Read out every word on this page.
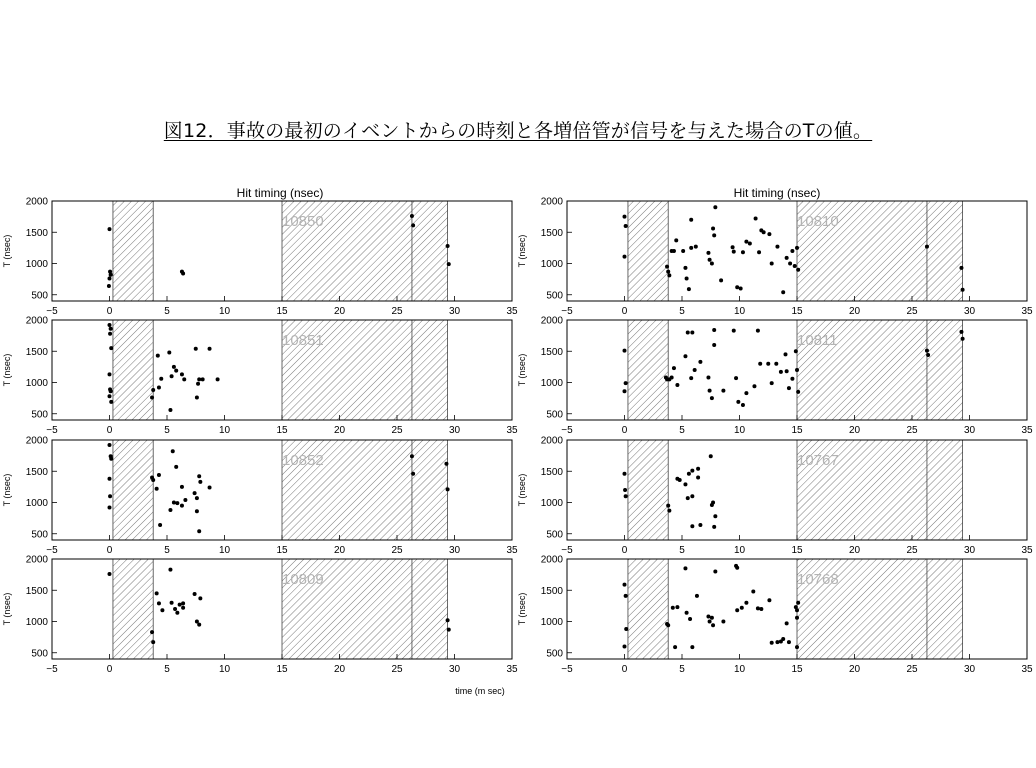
図12．事故の最初のイベントからの時刻と各増倍管が信号を与えた場合のTの値。
Hit timing (nsec)	Hit timing (nsec)
time (m sec)
10850
500
1000
1500
2000
T (nsec)
−5	0	5	10	15	20	25	30	35
10851
500
1000
1500
2000
T (nsec)
−5	0	5	10	15	20	25	30	35
10852
500
1000
1500
2000
T (nsec)
−5	0	5	10	15	20	25	30	35
10809
500
1000
1500
2000
T (nsec)
−5	0	5	10	15	20	25	30	35
10810
500
1000
1500
2000
T (nsec)
−5	0	5	10	15	20	25	30	35
10811
500
1000
1500
2000
T (nsec)
−5	0	5	10	15	20	25	30	35
10767
500
1000
1500
2000
T (nsec)
−5	0	5	10	15	20	25	30	35
10768
500
1000
1500
2000
T (nsec)
−5	0	5	10	15	20	25	30	35
